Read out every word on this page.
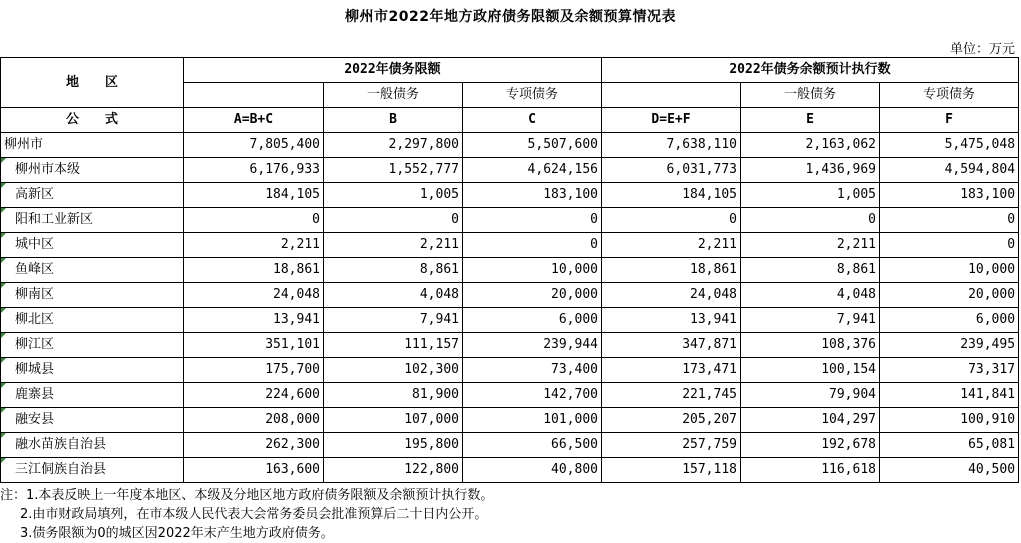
柳州市2022年地方政府债务限额及余额预算情况表
单位：万元
地　　区	2022年债务限额			2022年债务余额预计执行数		
		一般债务	专项债务		一般债务	专项债务
公　　式	A=B+C	B	C	D=E+F	E	F
柳州市	7,805,400	2,297,800	5,507,600	7,638,110	2,163,062	5,475,048

柳州市本级	6,176,933	1,552,777	4,624,156	6,031,773	1,436,969	4,594,804

高新区	184,105	1,005	183,100	184,105	1,005	183,100

阳和工业新区	0	0	0	0	0	0

城中区	2,211	2,211	0	2,211	2,211	0

鱼峰区	18,861	8,861	10,000	18,861	8,861	10,000

柳南区	24,048	4,048	20,000	24,048	4,048	20,000

柳北区	13,941	7,941	6,000	13,941	7,941	6,000

柳江区	351,101	111,157	239,944	347,871	108,376	239,495

柳城县	175,700	102,300	73,400	173,471	100,154	73,317

鹿寨县	224,600	81,900	142,700	221,745	79,904	141,841

融安县	208,000	107,000	101,000	205,207	104,297	100,910

融水苗族自治县	262,300	195,800	66,500	257,759	192,678	65,081

三江侗族自治县	163,600	122,800	40,800	157,118	116,618	40,500
注：1.本表反映上一年度本地区、本级及分地区地方政府债务限额及余额预计执行数。
2.由市财政局填列，在市本级人民代表大会常务委员会批准预算后二十日内公开。
3.债务限额为0的城区因2022年末产生地方政府债务。
